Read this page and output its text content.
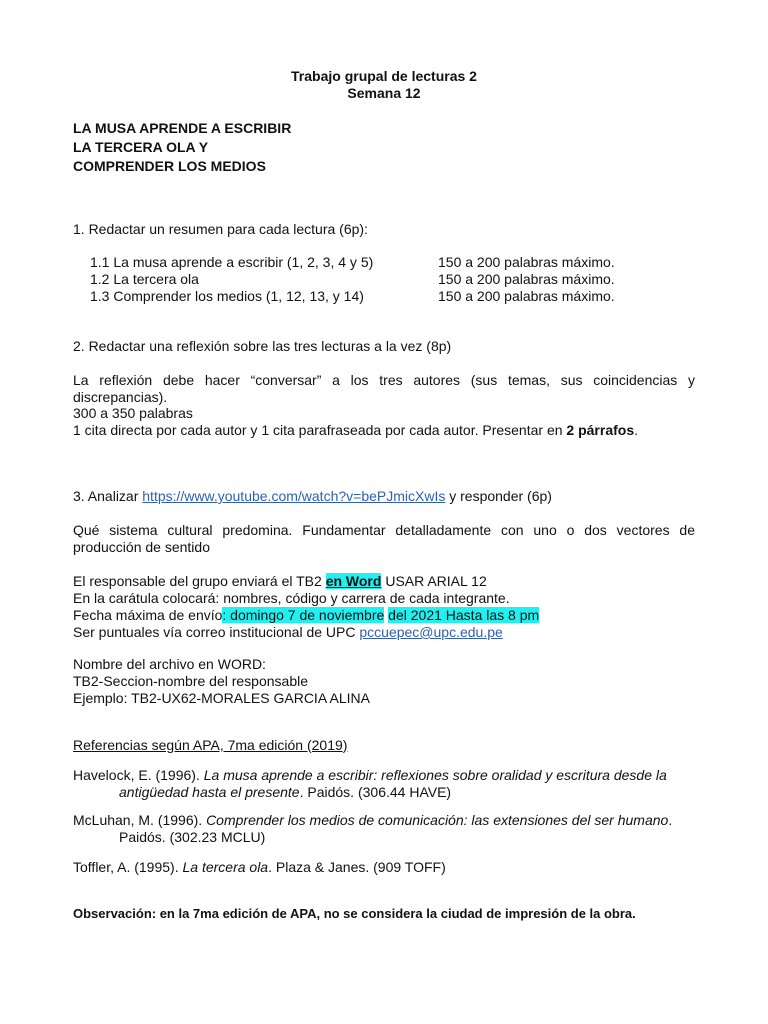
Trabajo grupal de lecturas 2
Semana 12
LA MUSA APRENDE A ESCRIBIR
LA TERCERA OLA Y
COMPRENDER LOS MEDIOS
1. Redactar un resumen para cada lectura (6p):
1.1 La musa aprende a escribir (1, 2, 3, 4 y 5)	150 a 200 palabras máximo.
1.2 La tercera ola	150 a 200 palabras máximo.
1.3 Comprender los medios (1, 12, 13, y 14)	150 a 200 palabras máximo.
2. Redactar una reflexión sobre las tres lecturas a la vez (8p)
La reflexión debe hacer “conversar” a los tres autores (sus temas, sus coincidencias y discrepancias).
300 a 350 palabras
1 cita directa por cada autor y 1 cita parafraseada por cada autor. Presentar en 2 párrafos.
3. Analizar https://www.youtube.com/watch?v=bePJmicXwIs y responder (6p)
Qué sistema cultural predomina. Fundamentar detalladamente con uno o dos vectores de producción de sentido
El responsable del grupo enviará el TB2 en Word USAR ARIAL 12
En la carátula colocará: nombres, código y carrera de cada integrante.
Fecha máxima de envío: domingo 7 de noviembre del 2021 Hasta las 8 pm
Ser puntuales vía correo institucional de UPC pccuepec@upc.edu.pe
Nombre del archivo en WORD:
TB2-Seccion-nombre del responsable
Ejemplo: TB2-UX62-MORALES GARCIA ALINA
Referencias según APA, 7ma edición (2019)
Havelock, E. (1996). La musa aprende a escribir: reflexiones sobre oralidad y escritura desde la
antigüedad hasta el presente. Paidós. (306.44 HAVE)
McLuhan, M. (1996). Comprender los medios de comunicación: las extensiones del ser humano.
Paidós. (302.23 MCLU)
Toffler, A. (1995). La tercera ola. Plaza & Janes. (909 TOFF)
Observación: en la 7ma edición de APA, no se considera la ciudad de impresión de la obra.
